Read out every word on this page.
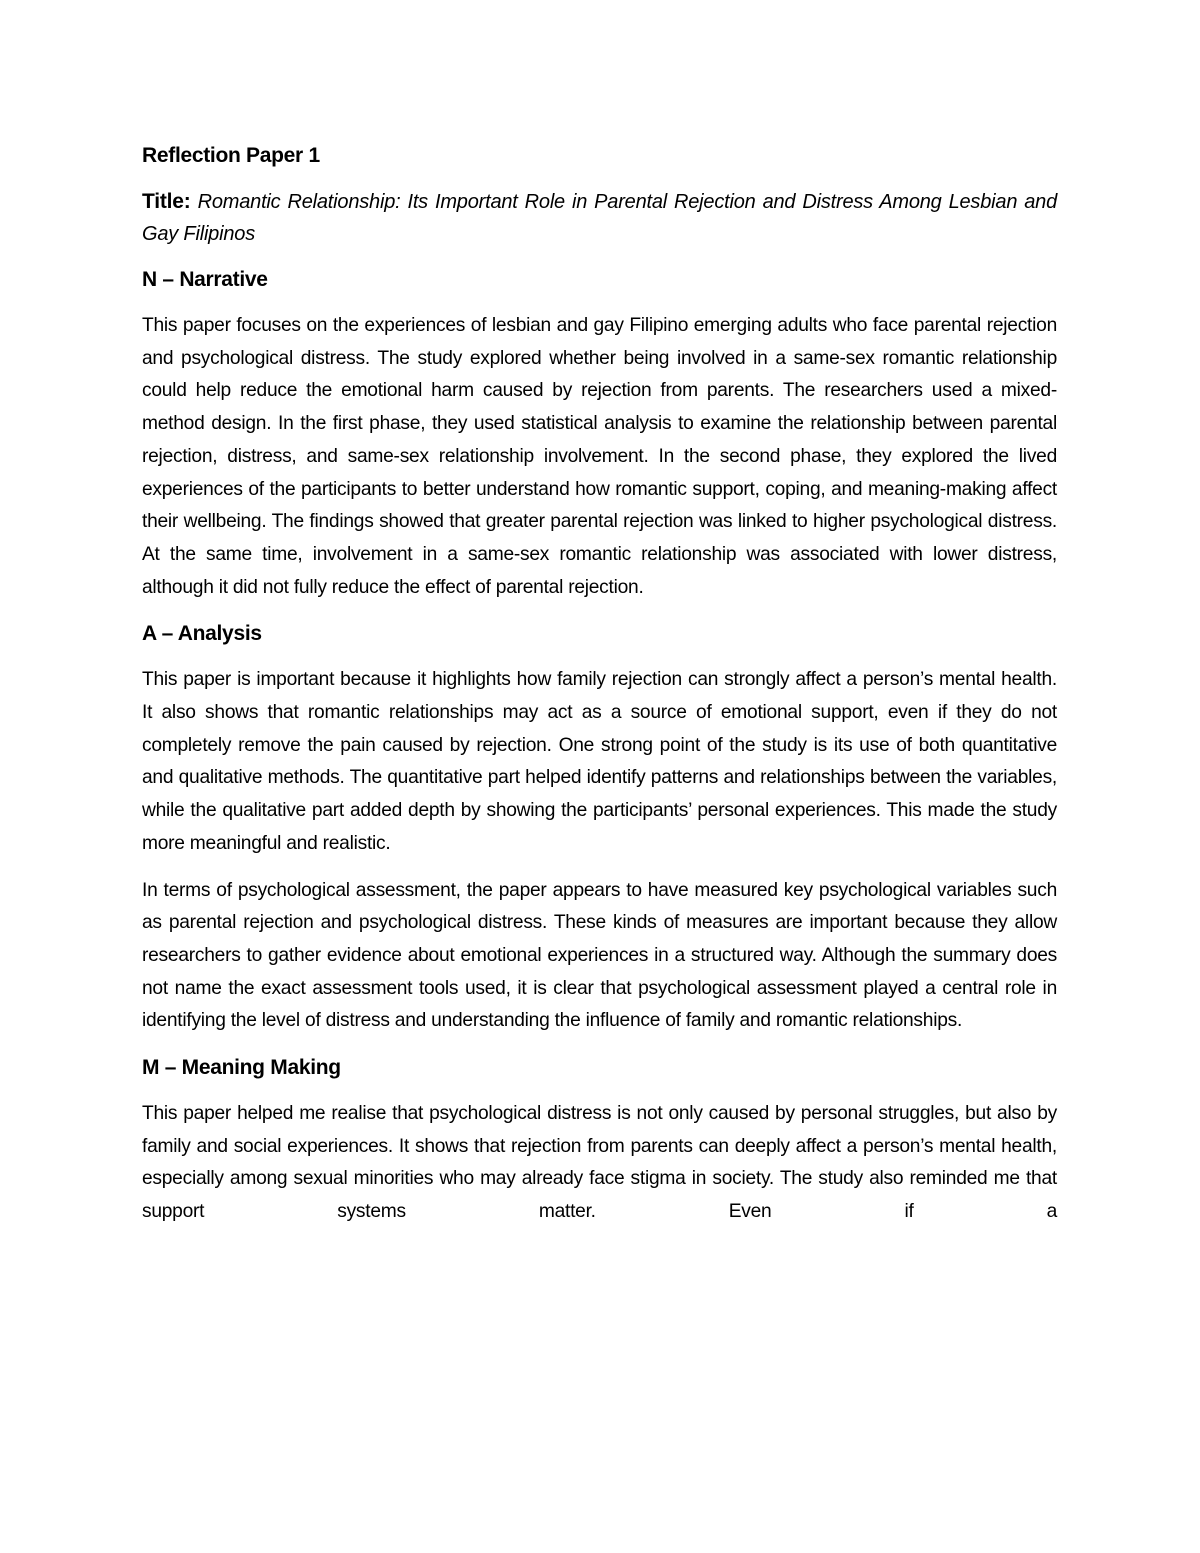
Reflection Paper 1
Title: Romantic Relationship: Its Important Role in Parental Rejection and Distress Among Lesbian and Gay Filipinos
N – Narrative

This paper focuses on the experiences of lesbian and gay Filipino emerging adults who face parental rejection and psychological distress. The study explored whether being involved in a same-sex romantic relationship could help reduce the emotional harm caused by rejection from parents. The researchers used a mixed-method design. In the first phase, they used statistical analysis to examine the relationship between parental rejection, distress, and same-sex relationship involvement. In the second phase, they explored the lived experiences of the participants to better understand how romantic support, coping, and meaning-making affect their wellbeing. The findings showed that greater parental rejection was linked to higher psychological distress. At the same time, involvement in a same-sex romantic relationship was associated with lower distress, although it did not fully reduce the effect of parental rejection.

A – Analysis

This paper is important because it highlights how family rejection can strongly affect a person’s mental health. It also shows that romantic relationships may act as a source of emotional support, even if they do not completely remove the pain caused by rejection. One strong point of the study is its use of both quantitative and qualitative methods. The quantitative part helped identify patterns and relationships between the variables, while the qualitative part added depth by showing the participants’ personal experiences. This made the study more meaningful and realistic.

In terms of psychological assessment, the paper appears to have measured key psychological variables such as parental rejection and psychological distress. These kinds of measures are important because they allow researchers to gather evidence about emotional experiences in a structured way. Although the summary does not name the exact assessment tools used, it is clear that psychological assessment played a central role in identifying the level of distress and understanding the influence of family and romantic relationships.

M – Meaning Making

This paper helped me realise that psychological distress is not only caused by personal struggles, but also by family and social experiences. It shows that rejection from parents can deeply affect a person’s mental health, especially among sexual minorities who may already face stigma in society. The study also reminded me that support systems matter. Even if a
